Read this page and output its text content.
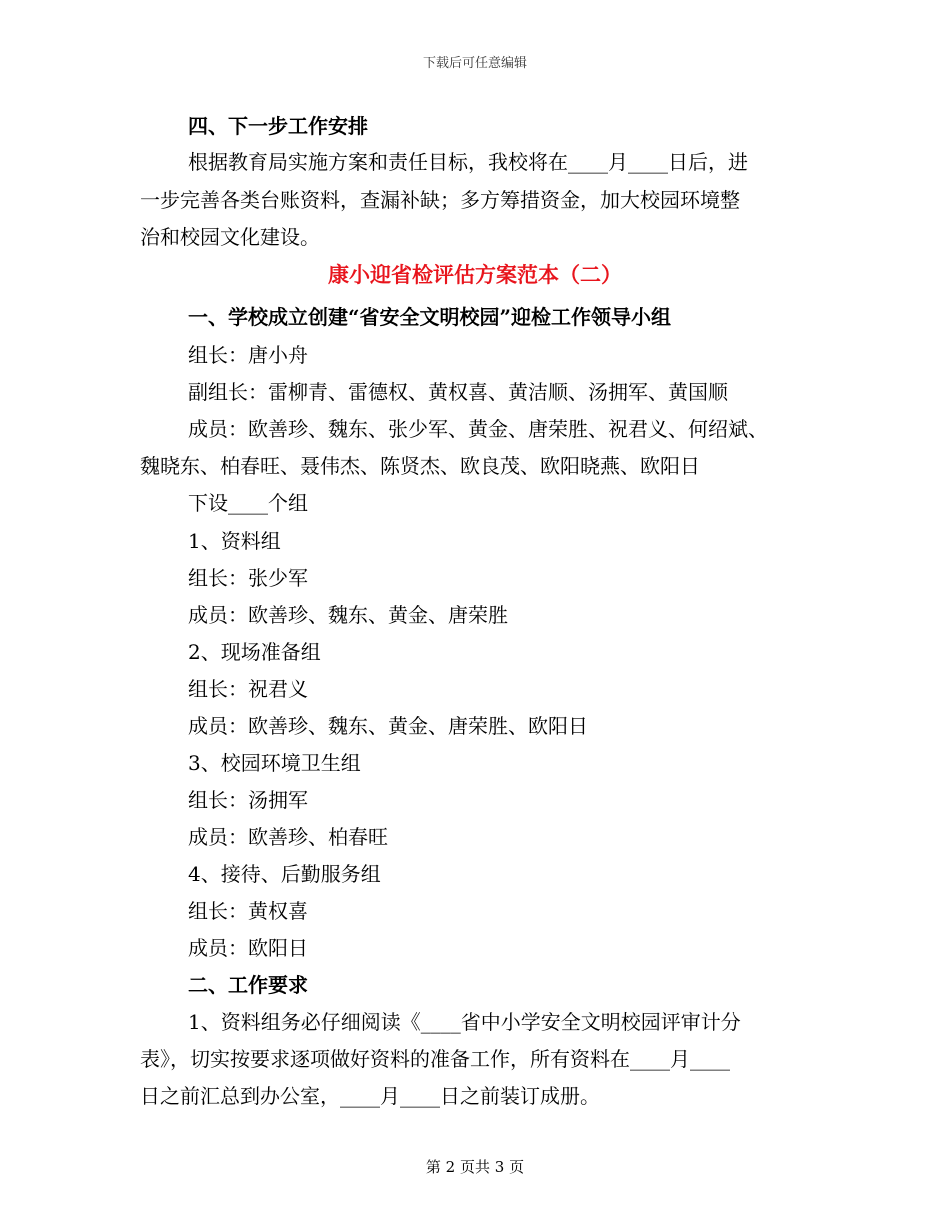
下载后可任意编辑
四、下一步工作安排
根据教育局实施方案和责任目标，我校将在____月____日后，进
一步完善各类台账资料，查漏补缺；多方筹措资金，加大校园环境整
治和校园文化建设。
康小迎省检评估方案范本（二）
一、学校成立创建“省安全文明校园”迎检工作领导小组
组长：唐小舟
副组长：雷柳青、雷德权、黄权喜、黄洁顺、汤拥军、黄国顺
成员：欧善珍、魏东、张少军、黄金、唐荣胜、祝君义、何绍斌、
魏晓东、柏春旺、聂伟杰、陈贤杰、欧良茂、欧阳晓燕、欧阳日
下设____个组
1、资料组
组长：张少军
成员：欧善珍、魏东、黄金、唐荣胜
2、现场准备组
组长：祝君义
成员：欧善珍、魏东、黄金、唐荣胜、欧阳日
3、校园环境卫生组
组长：汤拥军
成员：欧善珍、柏春旺
4、接待、后勤服务组
组长：黄权喜
成员：欧阳日
二、工作要求
1、资料组务必仔细阅读《____省中小学安全文明校园评审计分
表》，切实按要求逐项做好资料的准备工作，所有资料在____月____
日之前汇总到办公室，____月____日之前装订成册。
第 2 页共 3 页
